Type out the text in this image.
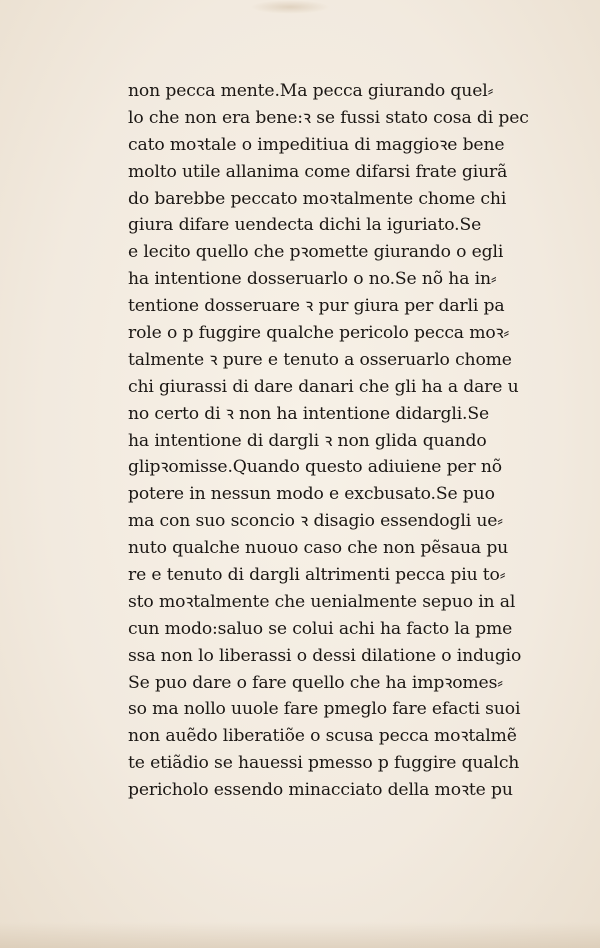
non pecca mente.Ma pecca giurando quel⸗
lo che non era bene:ꝛ se fussi stato cosa di pec
cato moꝛtale o impeditiua di maggioꝛe bene
molto utile allanima come difarsi frate giurã
do barebbe peccato moꝛtalmente chome chi
giura difare uendecta dichi la iguriato.Se
e lecito quello che pꝛomette giurando o egli
ha intentione dosseruarlo o no.Se nõ ha in⸗
tentione dosseruare ꝛ pur giura per darli pa
role o p fuggire qualche pericolo pecca moꝛ⸗
talmente ꝛ pure e tenuto a osseruarlo chome
chi giurassi di dare danari che gli ha a dare u
no certo di ꝛ non ha intentione didargli.Se
ha intentione di dargli ꝛ non glida quando
glipꝛomisse.Quando questo adiuiene per nõ
potere in nessun modo e excbusato.Se puo
ma con suo sconcio ꝛ disagio essendogli ue⸗
nuto qualche nuouo caso che non pẽsaua pu
re e tenuto di dargli altrimenti pecca piu to⸗
sto moꝛtalmente che uenialmente sepuo in al
cun modo:saluo se colui achi ha facto la pme
ssa non lo liberassi o dessi dilatione o indugio
Se puo dare o fare quello che ha impꝛomes⸗
so ma nollo uuole fare pmeglo fare efacti suoi
non auẽdo liberatiõe o scusa pecca moꝛtalmẽ
te etiãdio se hauessi pmesso p fuggire qualch
pericholo essendo minacciato della moꝛte pu
